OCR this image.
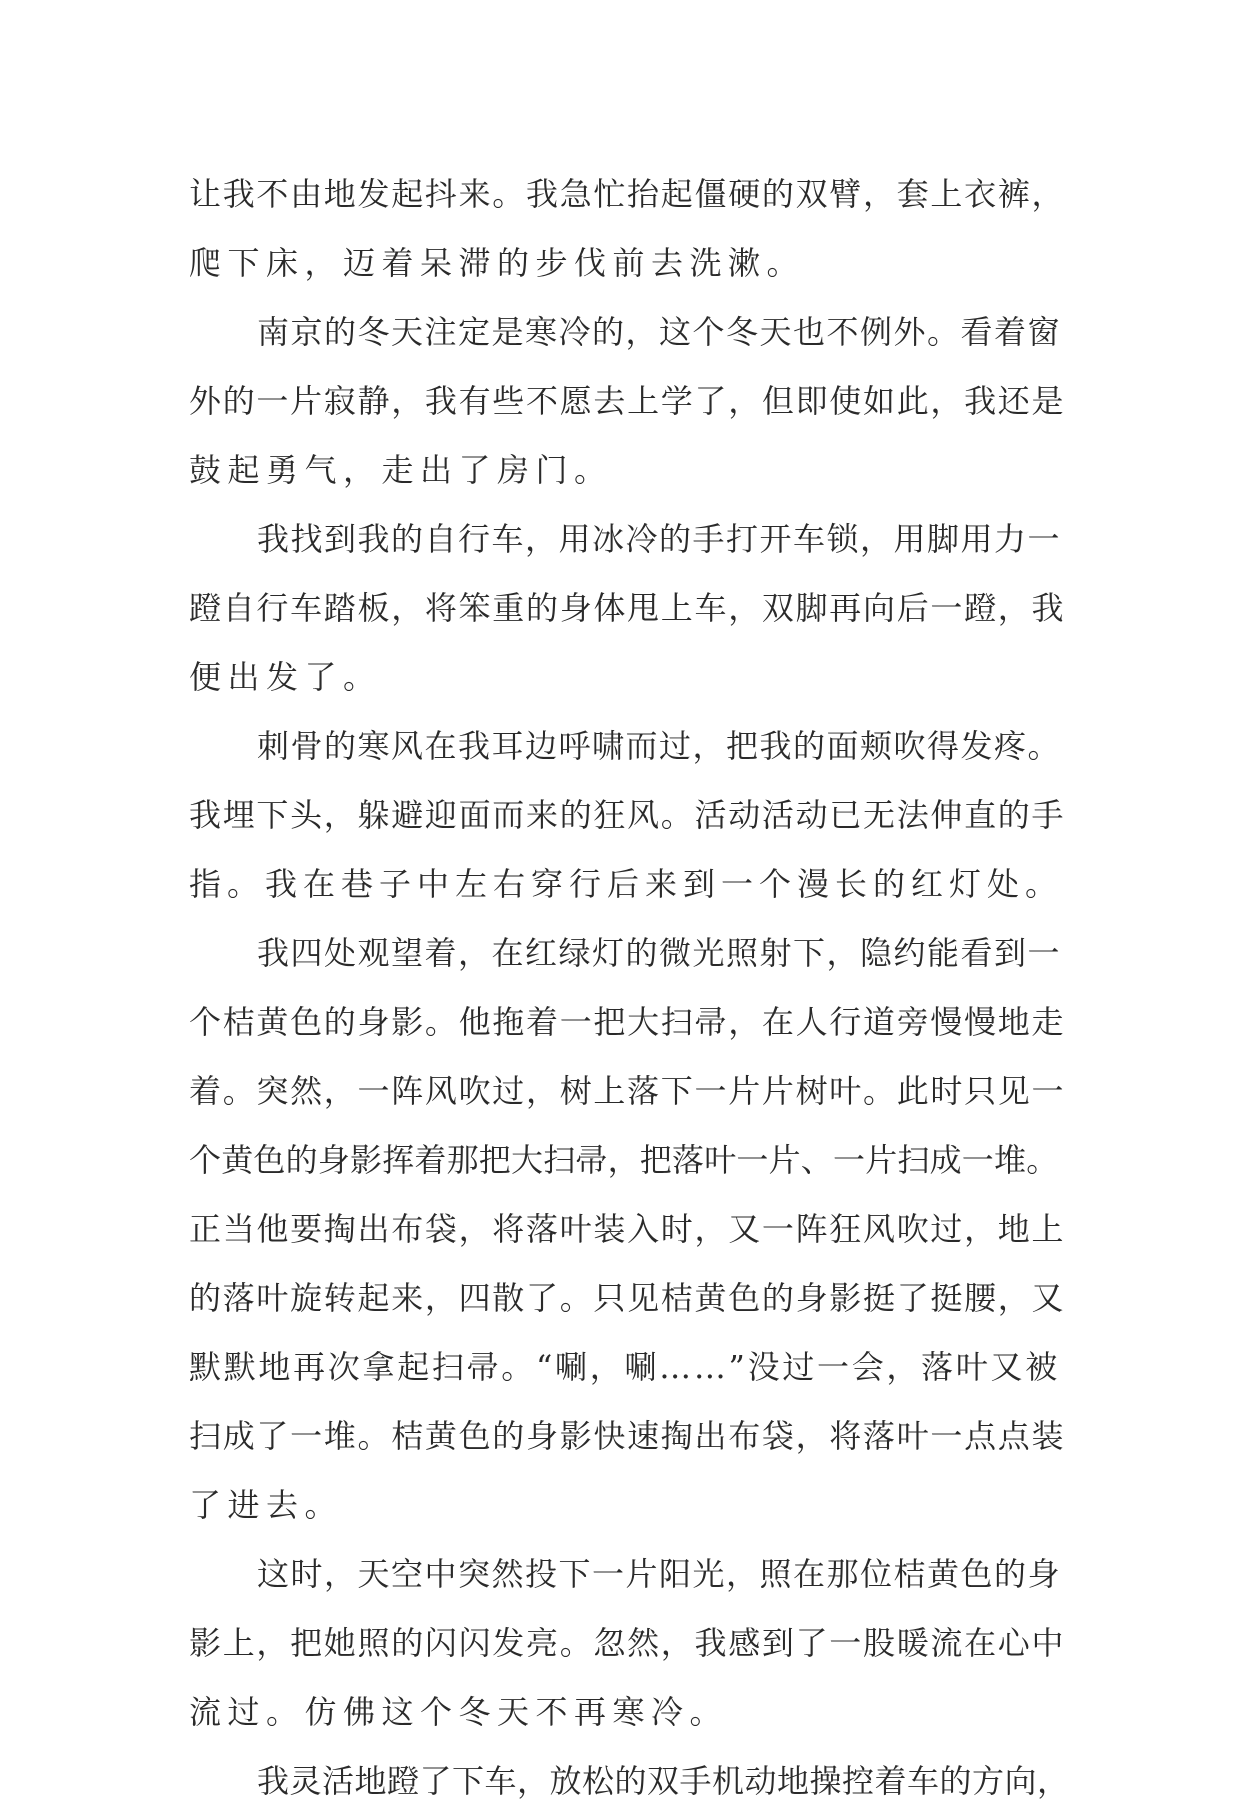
让我不由地发起抖来。我急忙抬起僵硬的双臂，套上衣裤，
爬下床，迈着呆滞的步伐前去洗漱。
南京的冬天注定是寒冷的，这个冬天也不例外。看着窗
外的一片寂静，我有些不愿去上学了，但即使如此，我还是
鼓起勇气，走出了房门。
我找到我的自行车，用冰冷的手打开车锁，用脚用力一
蹬自行车踏板，将笨重的身体甩上车，双脚再向后一蹬，我
便出发了。
刺骨的寒风在我耳边呼啸而过，把我的面颊吹得发疼。
我埋下头，躲避迎面而来的狂风。活动活动已无法伸直的手
指。我在巷子中左右穿行后来到一个漫长的红灯处。
我四处观望着，在红绿灯的微光照射下，隐约能看到一
个桔黄色的身影。他拖着一把大扫帚，在人行道旁慢慢地走
着。突然，一阵风吹过，树上落下一片片树叶。此时只见一
个黄色的身影挥着那把大扫帚，把落叶一片、一片扫成一堆。
正当他要掏出布袋，将落叶装入时，又一阵狂风吹过，地上
的落叶旋转起来，四散了。只见桔黄色的身影挺了挺腰，又
默默地再次拿起扫帚。“唰，唰……”没过一会，落叶又被
扫成了一堆。桔黄色的身影快速掏出布袋，将落叶一点点装
了进去。
这时，天空中突然投下一片阳光，照在那位桔黄色的身
影上，把她照的闪闪发亮。忽然，我感到了一股暖流在心中
流过。仿佛这个冬天不再寒冷。
我灵活地蹬了下车，放松的双手机动地操控着车的方向，
